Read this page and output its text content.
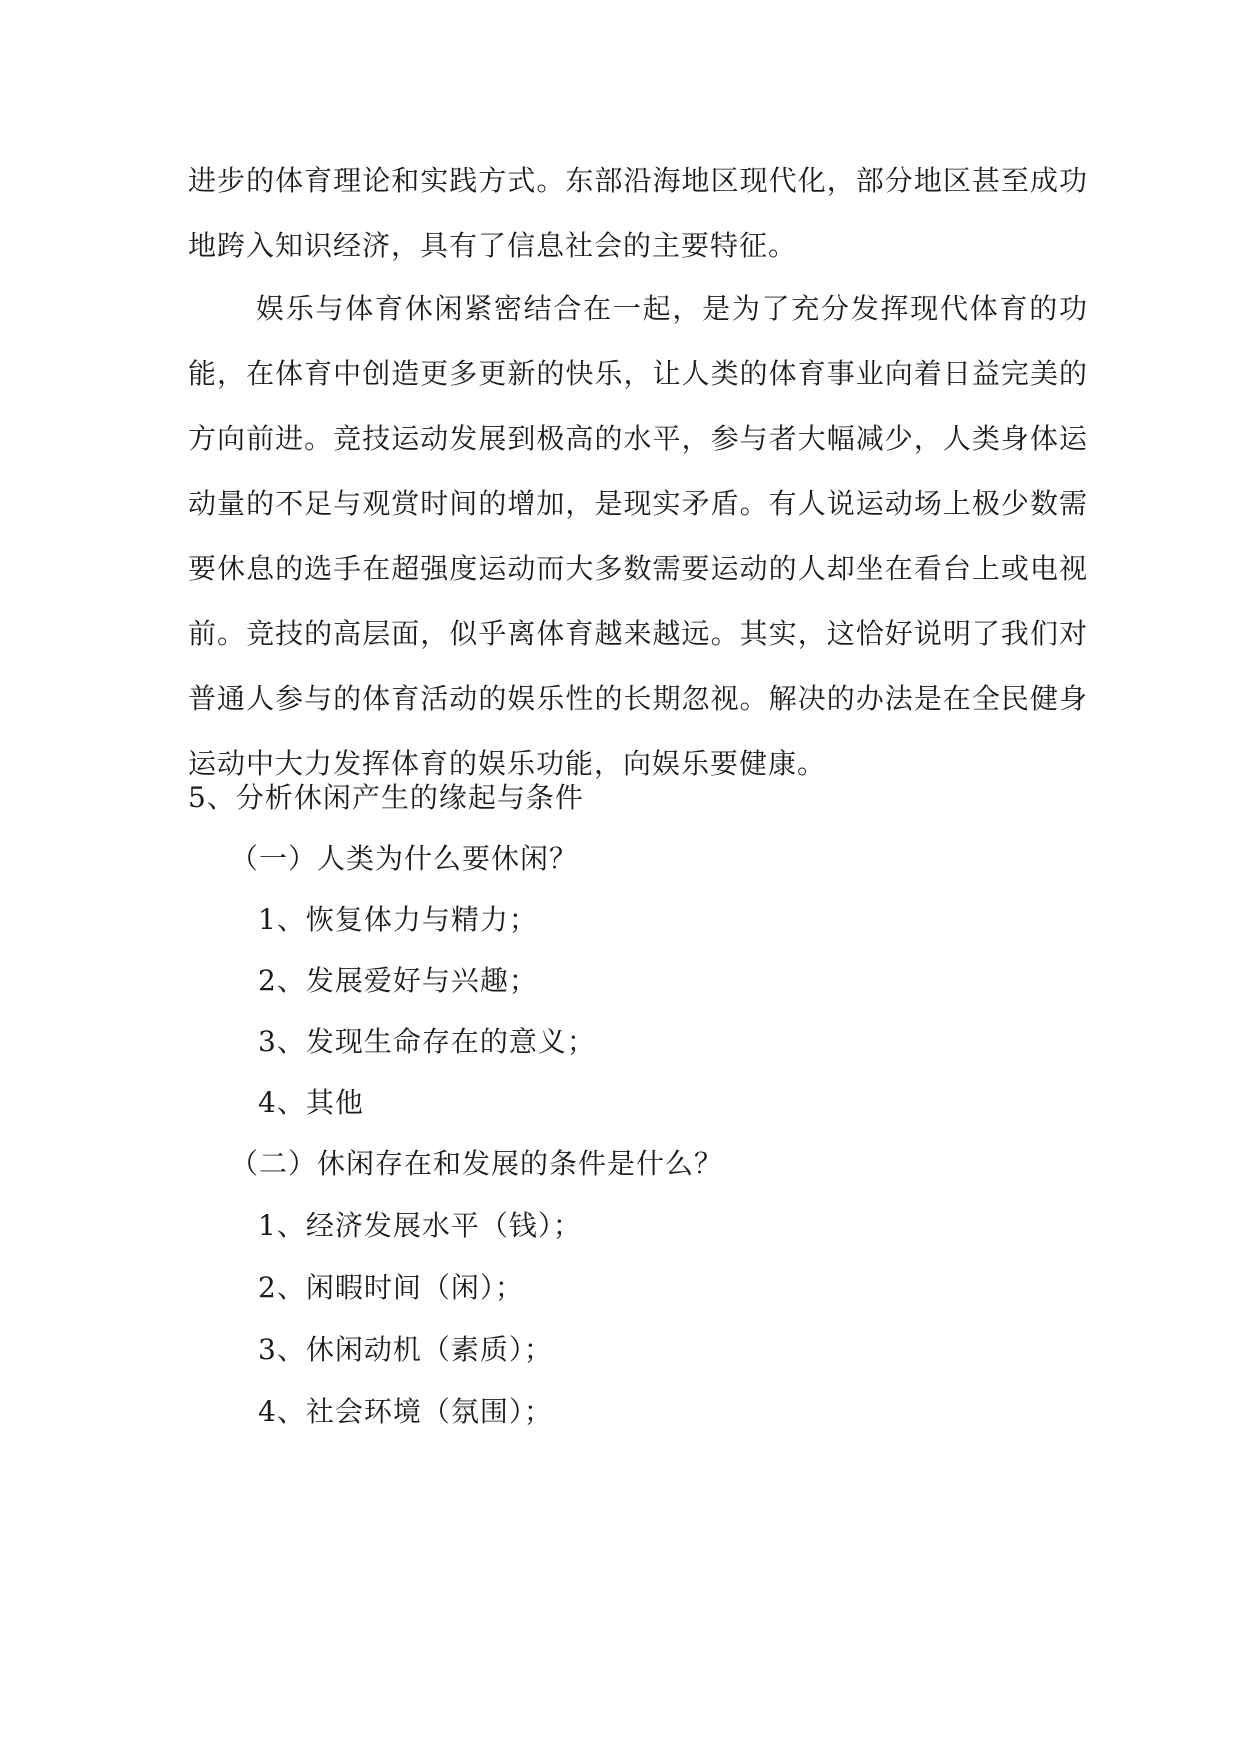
进步的体育理论和实践方式。东部沿海地区现代化，部分地区甚至成功地跨入知识经济，具有了信息社会的主要特征。

娱乐与体育休闲紧密结合在一起，是为了充分发挥现代体育的功能，在体育中创造更多更新的快乐，让人类的体育事业向着日益完美的方向前进。竞技运动发展到极高的水平，参与者大幅减少，人类身体运动量的不足与观赏时间的增加，是现实矛盾。有人说运动场上极少数需要休息的选手在超强度运动而大多数需要运动的人却坐在看台上或电视前。竞技的高层面，似乎离体育越来越远。其实，这恰好说明了我们对普通人参与的体育活动的娱乐性的长期忽视。解决的办法是在全民健身运动中大力发挥体育的娱乐功能，向娱乐要健康。

5、分析休闲产生的缘起与条件

（一）人类为什么要休闲？

1、恢复体力与精力；

2、发展爱好与兴趣；

3、发现生命存在的意义；

4、其他

（二）休闲存在和发展的条件是什么？

1、经济发展水平（钱）；

2、闲暇时间（闲）；

3、休闲动机（素质）；

4、社会环境（氛围）；
